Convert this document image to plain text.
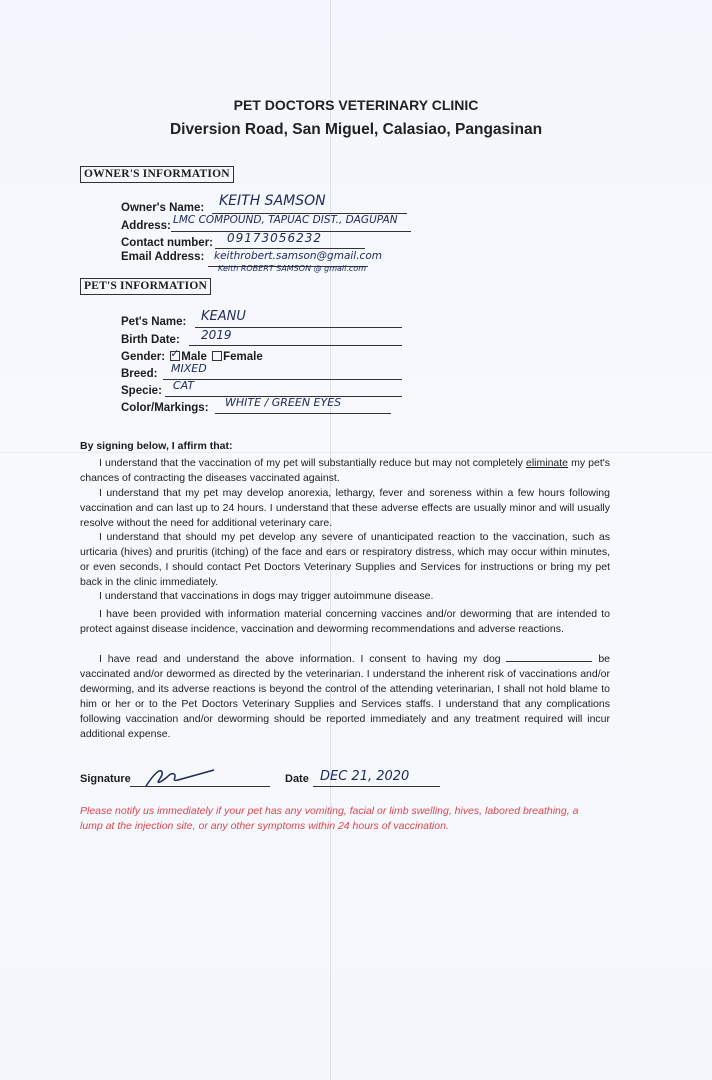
PET DOCTORS VETERINARY CLINIC
Diversion Road, San Miguel, Calasiao, Pangasinan
OWNER'S INFORMATION
Owner's Name: KEITH SAMSON
Address: LMC COMPOUND, TAPUAC DIST., DAGUPAN
Contact number: 09173056232
Email Address: keithrobert.samson@gmail.com
Keith ROBERT SAMSON @ gmail.com
PET'S INFORMATION
Pet's Name: KEANU
Birth Date: 2019
Gender: ✓ Male Female
Breed: MIXED
Specie: CAT
Color/Markings: WHITE / GREEN EYES
By signing below, I affirm that:
I understand that the vaccination of my pet will substantially reduce but may not completely eliminate my pet's chances of contracting the diseases vaccinated against.
I understand that my pet may develop anorexia, lethargy, fever and soreness within a few hours following vaccination and can last up to 24 hours. I understand that these adverse effects are usually minor and will usually resolve without the need for additional veterinary care.
I understand that should my pet develop any severe of unanticipated reaction to the vaccination, such as urticaria (hives) and pruritis (itching) of the face and ears or respiratory distress, which may occur within minutes, or even seconds, I should contact Pet Doctors Veterinary Supplies and Services for instructions or bring my pet back in the clinic immediately.
I understand that vaccinations in dogs may trigger autoimmune disease.
I have been provided with information material concerning vaccines and/or deworming that are intended to protect against disease incidence, vaccination and deworming recommendations and adverse reactions.
I have read and understand the above information. I consent to having my dog	be vaccinated and/or dewormed as directed by the veterinarian. I understand the inherent risk of vaccinations and/or deworming, and its adverse reactions is beyond the control of the attending veterinarian, I shall not hold blame to him or her or to the Pet Doctors Veterinary Supplies and Services staffs. I understand that any complications following vaccination and/or deworming should be reported immediately and any treatment required will incur additional expense.
Signature	Date DEC 21, 2020
Please notify us immediately if your pet has any vomiting, facial or limb swelling, hives, labored breathing, a lump at the injection site, or any other symptoms within 24 hours of vaccination.
